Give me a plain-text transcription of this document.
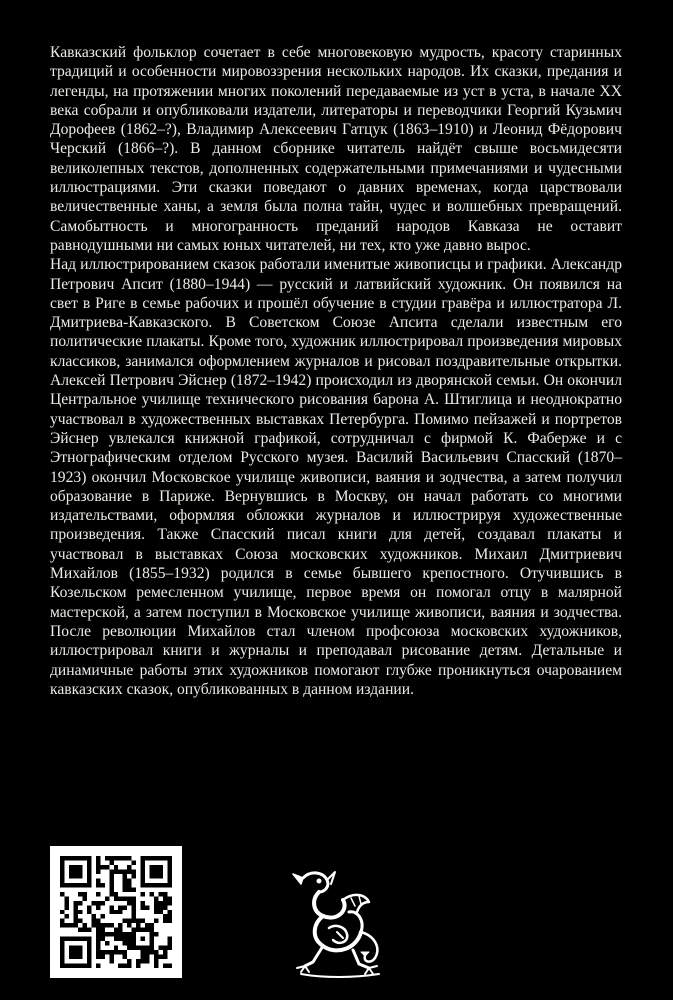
Кавказский фольклор сочетает в себе многовековую мудрость, красоту старинных традиций и особенности мировоззрения нескольких народов. Их сказки, предания и легенды, на протяжении многих поколений передаваемые из уст в уста, в начале XX века собрали и опубликовали издатели, литераторы и переводчики Георгий Кузьмич Дорофеев (1862–?), Владимир Алексеевич Гатцук (1863–1910) и Леонид Фёдорович Черский (1866–?). В данном сборнике читатель найдёт свыше восьмидесяти великолепных текстов, дополненных содержательными примечаниями и чудесными иллюстрациями. Эти сказки поведают о давних временах, когда царствовали величественные ханы, а земля была полна тайн, чудес и волшебных превращений. Самобытность и многогранность преданий народов Кавказа не оставит равнодушными ни самых юных читателей, ни тех, кто уже давно вырос.

Над иллюстрированием сказок работали именитые живописцы и графики. Александр Петрович Апсит (1880–1944) — русский и латвийский художник. Он появился на свет в Риге в семье рабочих и прошёл обучение в студии гравёра и иллюстратора Л. Дмитриева-Кавказского. В Советском Союзе Апсита сделали известным его политические плакаты. Кроме того, художник иллюстрировал произведения мировых классиков, занимался оформлением журналов и рисовал поздравительные открытки. Алексей Петрович Эйснер (1872–1942) происходил из дворянской семьи. Он окончил Центральное училище технического рисования барона А. Штиглица и неоднократно участвовал в художественных выставках Петербурга. Помимо пейзажей и портретов Эйснер увлекался книжной графикой, сотрудничал с фирмой К. Фаберже и с Этнографическим отделом Русского музея. Василий Васильевич Спасский (1870–1923) окончил Московское училище живописи, ваяния и зодчества, а затем получил образование в Париже. Вернувшись в Москву, он начал работать со многими издательствами, оформляя обложки журналов и иллюстрируя художественные произведения. Также Спасский писал книги для детей, создавал плакаты и участвовал в выставках Союза московских художников. Михаил Дмитриевич Михайлов (1855–1932) родился в семье бывшего крепостного. Отучившись в Козельском ремесленном училище, первое время он помогал отцу в малярной мастерской, а затем поступил в Московское училище живописи, ваяния и зодчества. После революции Михайлов стал членом профсоюза московских художников, иллюстрировал книги и журналы и преподавал рисование детям. Детальные и динамичные работы этих художников помогают глубже проникнуться очарованием кавказских сказок, опубликованных в данном издании.
